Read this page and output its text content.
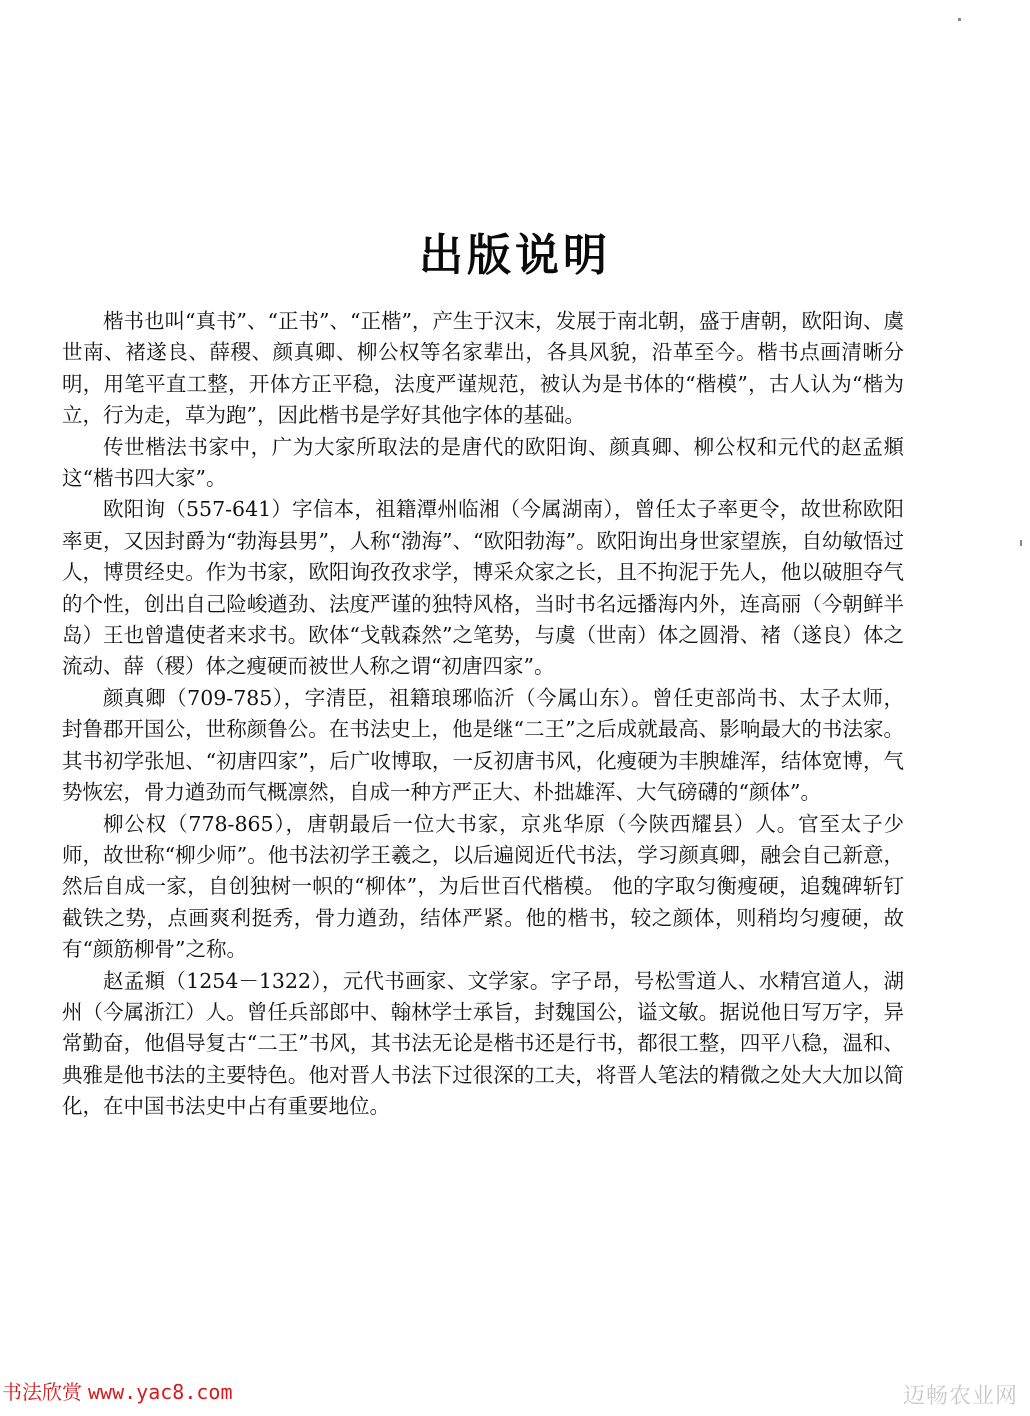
出版说明

楷书也叫“真书”、“正书”、“正楷”，产生于汉末，发展于南北朝，盛于唐朝，欧阳询、虞世南、褚遂良、薛稷、颜真卿、柳公权等名家辈出，各具风貌，沿革至今。楷书点画清晰分明，用笔平直工整，开体方正平稳，法度严谨规范，被认为是书体的“楷模”，古人认为“楷为立，行为走，草为跑”，因此楷书是学好其他字体的基础。

传世楷法书家中，广为大家所取法的是唐代的欧阳询、颜真卿、柳公权和元代的赵孟頫这“楷书四大家”。

欧阳询（557-641）字信本，祖籍潭州临湘（今属湖南），曾任太子率更令，故世称欧阳率更，又因封爵为“勃海县男”，人称“渤海”、“欧阳勃海”。欧阳询出身世家望族，自幼敏悟过人，博贯经史。作为书家，欧阳询孜孜求学，博采众家之长，且不拘泥于先人，他以破胆夺气的个性，创出自己险峻遒劲、法度严谨的独特风格，当时书名远播海内外，连高丽（今朝鲜半岛）王也曾遣使者来求书。欧体“戈戟森然”之笔势，与虞（世南）体之圆滑、褚（遂良）体之流动、薛（稷）体之瘦硬而被世人称之谓“初唐四家”。

颜真卿（709-785），字清臣，祖籍琅琊临沂（今属山东）。曾任吏部尚书、太子太师，封鲁郡开国公，世称颜鲁公。在书法史上，他是继“二王”之后成就最高、影响最大的书法家。其书初学张旭、“初唐四家”，后广收博取，一反初唐书风，化瘦硬为丰腴雄浑，结体宽博，气势恢宏，骨力遒劲而气概凛然，自成一种方严正大、朴拙雄浑、大气磅礴的“颜体”。

柳公权（778-865），唐朝最后一位大书家，京兆华原（今陕西耀县）人。官至太子少师，故世称“柳少师”。他书法初学王羲之，以后遍阅近代书法，学习颜真卿，融会自己新意，然后自成一家，自创独树一帜的“柳体”，为后世百代楷模。 他的字取匀衡瘦硬，追魏碑斩钉截铁之势，点画爽利挺秀，骨力遒劲，结体严紧。他的楷书，较之颜体，则稍均匀瘦硬，故有“颜筋柳骨”之称。

赵孟頫（1254－1322），元代书画家、文学家。字子昂，号松雪道人、水精宫道人，湖州（今属浙江）人。曾任兵部郎中、翰林学士承旨，封魏国公，谥文敏。据说他日写万字，异常勤奋，他倡导复古“二王”书风，其书法无论是楷书还是行书，都很工整，四平八稳，温和、典雅是他书法的主要特色。他对晋人书法下过很深的工夫，将晋人笔法的精微之处大大加以简化，在中国书法史中占有重要地位。

书法欣赏 www.yac8.com	迈畅农业网
